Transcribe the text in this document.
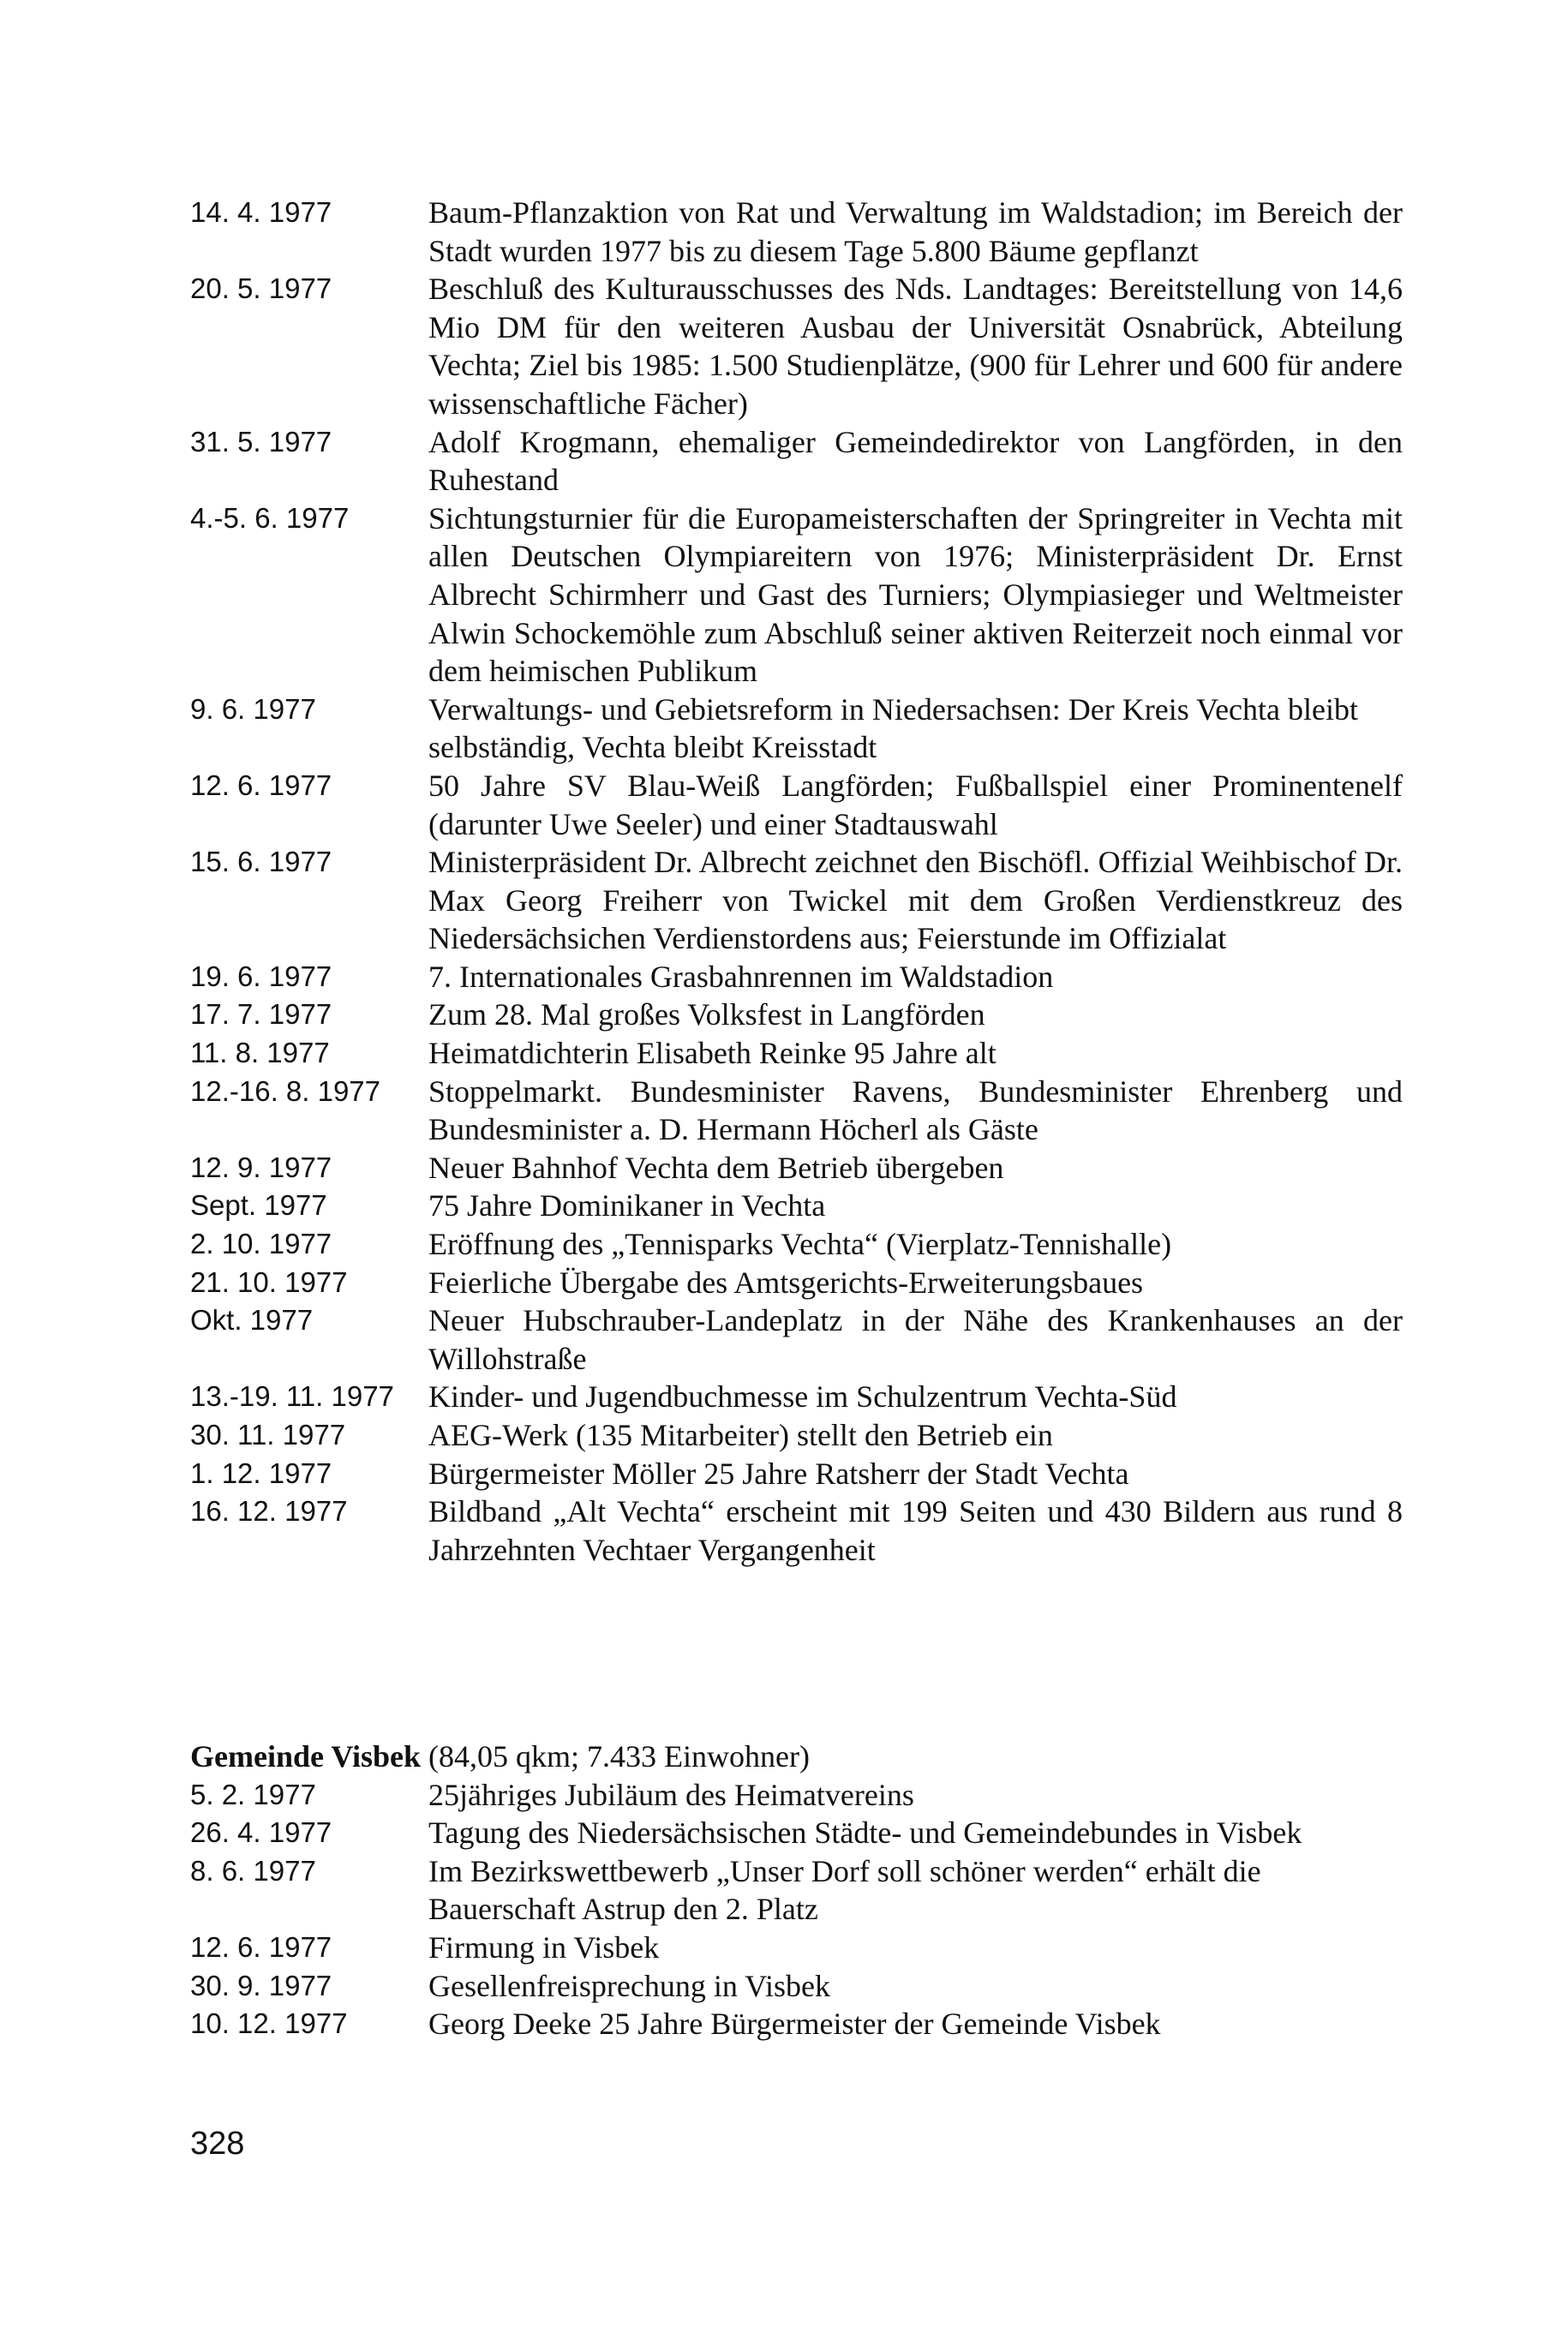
14. 4. 1977	Baum-Pflanzaktion von Rat und Verwaltung im Waldstadion; im Bereich der Stadt wurden 1977 bis zu diesem Tage 5.800 Bäume gepflanzt
20. 5. 1977	Beschluß des Kulturausschusses des Nds. Landtages: Bereitstellung von 14,6 Mio DM für den weiteren Ausbau der Universität Osnabrück, Abteilung Vechta; Ziel bis 1985: 1.500 Studienplätze, (900 für Lehrer und 600 für andere wissenschaftliche Fächer)
31. 5. 1977	Adolf Krogmann, ehemaliger Gemeindedirektor von Langförden, in den Ruhestand
4.-5. 6. 1977	Sichtungsturnier für die Europameisterschaften der Springreiter in Vechta mit allen Deutschen Olympiareitern von 1976; Ministerpräsident Dr. Ernst Albrecht Schirmherr und Gast des Turniers; Olympiasieger und Weltmeister Alwin Schockemöhle zum Abschluß seiner aktiven Reiterzeit noch einmal vor dem heimischen Publikum
9. 6. 1977	Verwaltungs- und Gebietsreform in Niedersachsen: Der Kreis Vechta bleibt selbständig, Vechta bleibt Kreisstadt
12. 6. 1977	50 Jahre SV Blau-Weiß Langförden; Fußballspiel einer Prominentenelf (darunter Uwe Seeler) und einer Stadtauswahl
15. 6. 1977	Ministerpräsident Dr. Albrecht zeichnet den Bischöfl. Offizial Weihbischof Dr. Max Georg Freiherr von Twickel mit dem Großen Verdienstkreuz des Niedersächsichen Verdienstordens aus; Feierstunde im Offizialat
19. 6. 1977	7. Internationales Grasbahnrennen im Waldstadion
17. 7. 1977	Zum 28. Mal großes Volksfest in Langförden
11. 8. 1977	Heimatdichterin Elisabeth Reinke 95 Jahre alt
12.-16. 8. 1977 Stoppelmarkt. Bundesminister Ravens, Bundesminister Ehrenberg und Bundesminister a. D. Hermann Höcherl als Gäste
12. 9. 1977	Neuer Bahnhof Vechta dem Betrieb übergeben
Sept. 1977	75 Jahre Dominikaner in Vechta
2. 10. 1977	Eröffnung des „Tennisparks Vechta“ (Vierplatz-Tennishalle)
21. 10. 1977	Feierliche Übergabe des Amtsgerichts-Erweiterungsbaues
Okt. 1977	Neuer Hubschrauber-Landeplatz in der Nähe des Krankenhauses an der Willohstraße
13.-19. 11. 1977 Kinder- und Jugendbuchmesse im Schulzentrum Vechta-Süd
30. 11. 1977	AEG-Werk (135 Mitarbeiter) stellt den Betrieb ein
1. 12. 1977	Bürgermeister Möller 25 Jahre Ratsherr der Stadt Vechta
16. 12. 1977	Bildband „Alt Vechta“ erscheint mit 199 Seiten und 430 Bildern aus rund 8 Jahrzehnten Vechtaer Vergangenheit
Gemeinde Visbek (84,05 qkm; 7.433 Einwohner)
5. 2. 1977	25jähriges Jubiläum des Heimatvereins
26. 4. 1977	Tagung des Niedersächsischen Städte- und Gemeindebundes in Visbek
8. 6. 1977	Im Bezirkswettbewerb „Unser Dorf soll schöner werden“ erhält die Bauerschaft Astrup den 2. Platz
12. 6. 1977	Firmung in Visbek
30. 9. 1977	Gesellenfreisprechung in Visbek
10. 12. 1977	Georg Deeke 25 Jahre Bürgermeister der Gemeinde Visbek
328
